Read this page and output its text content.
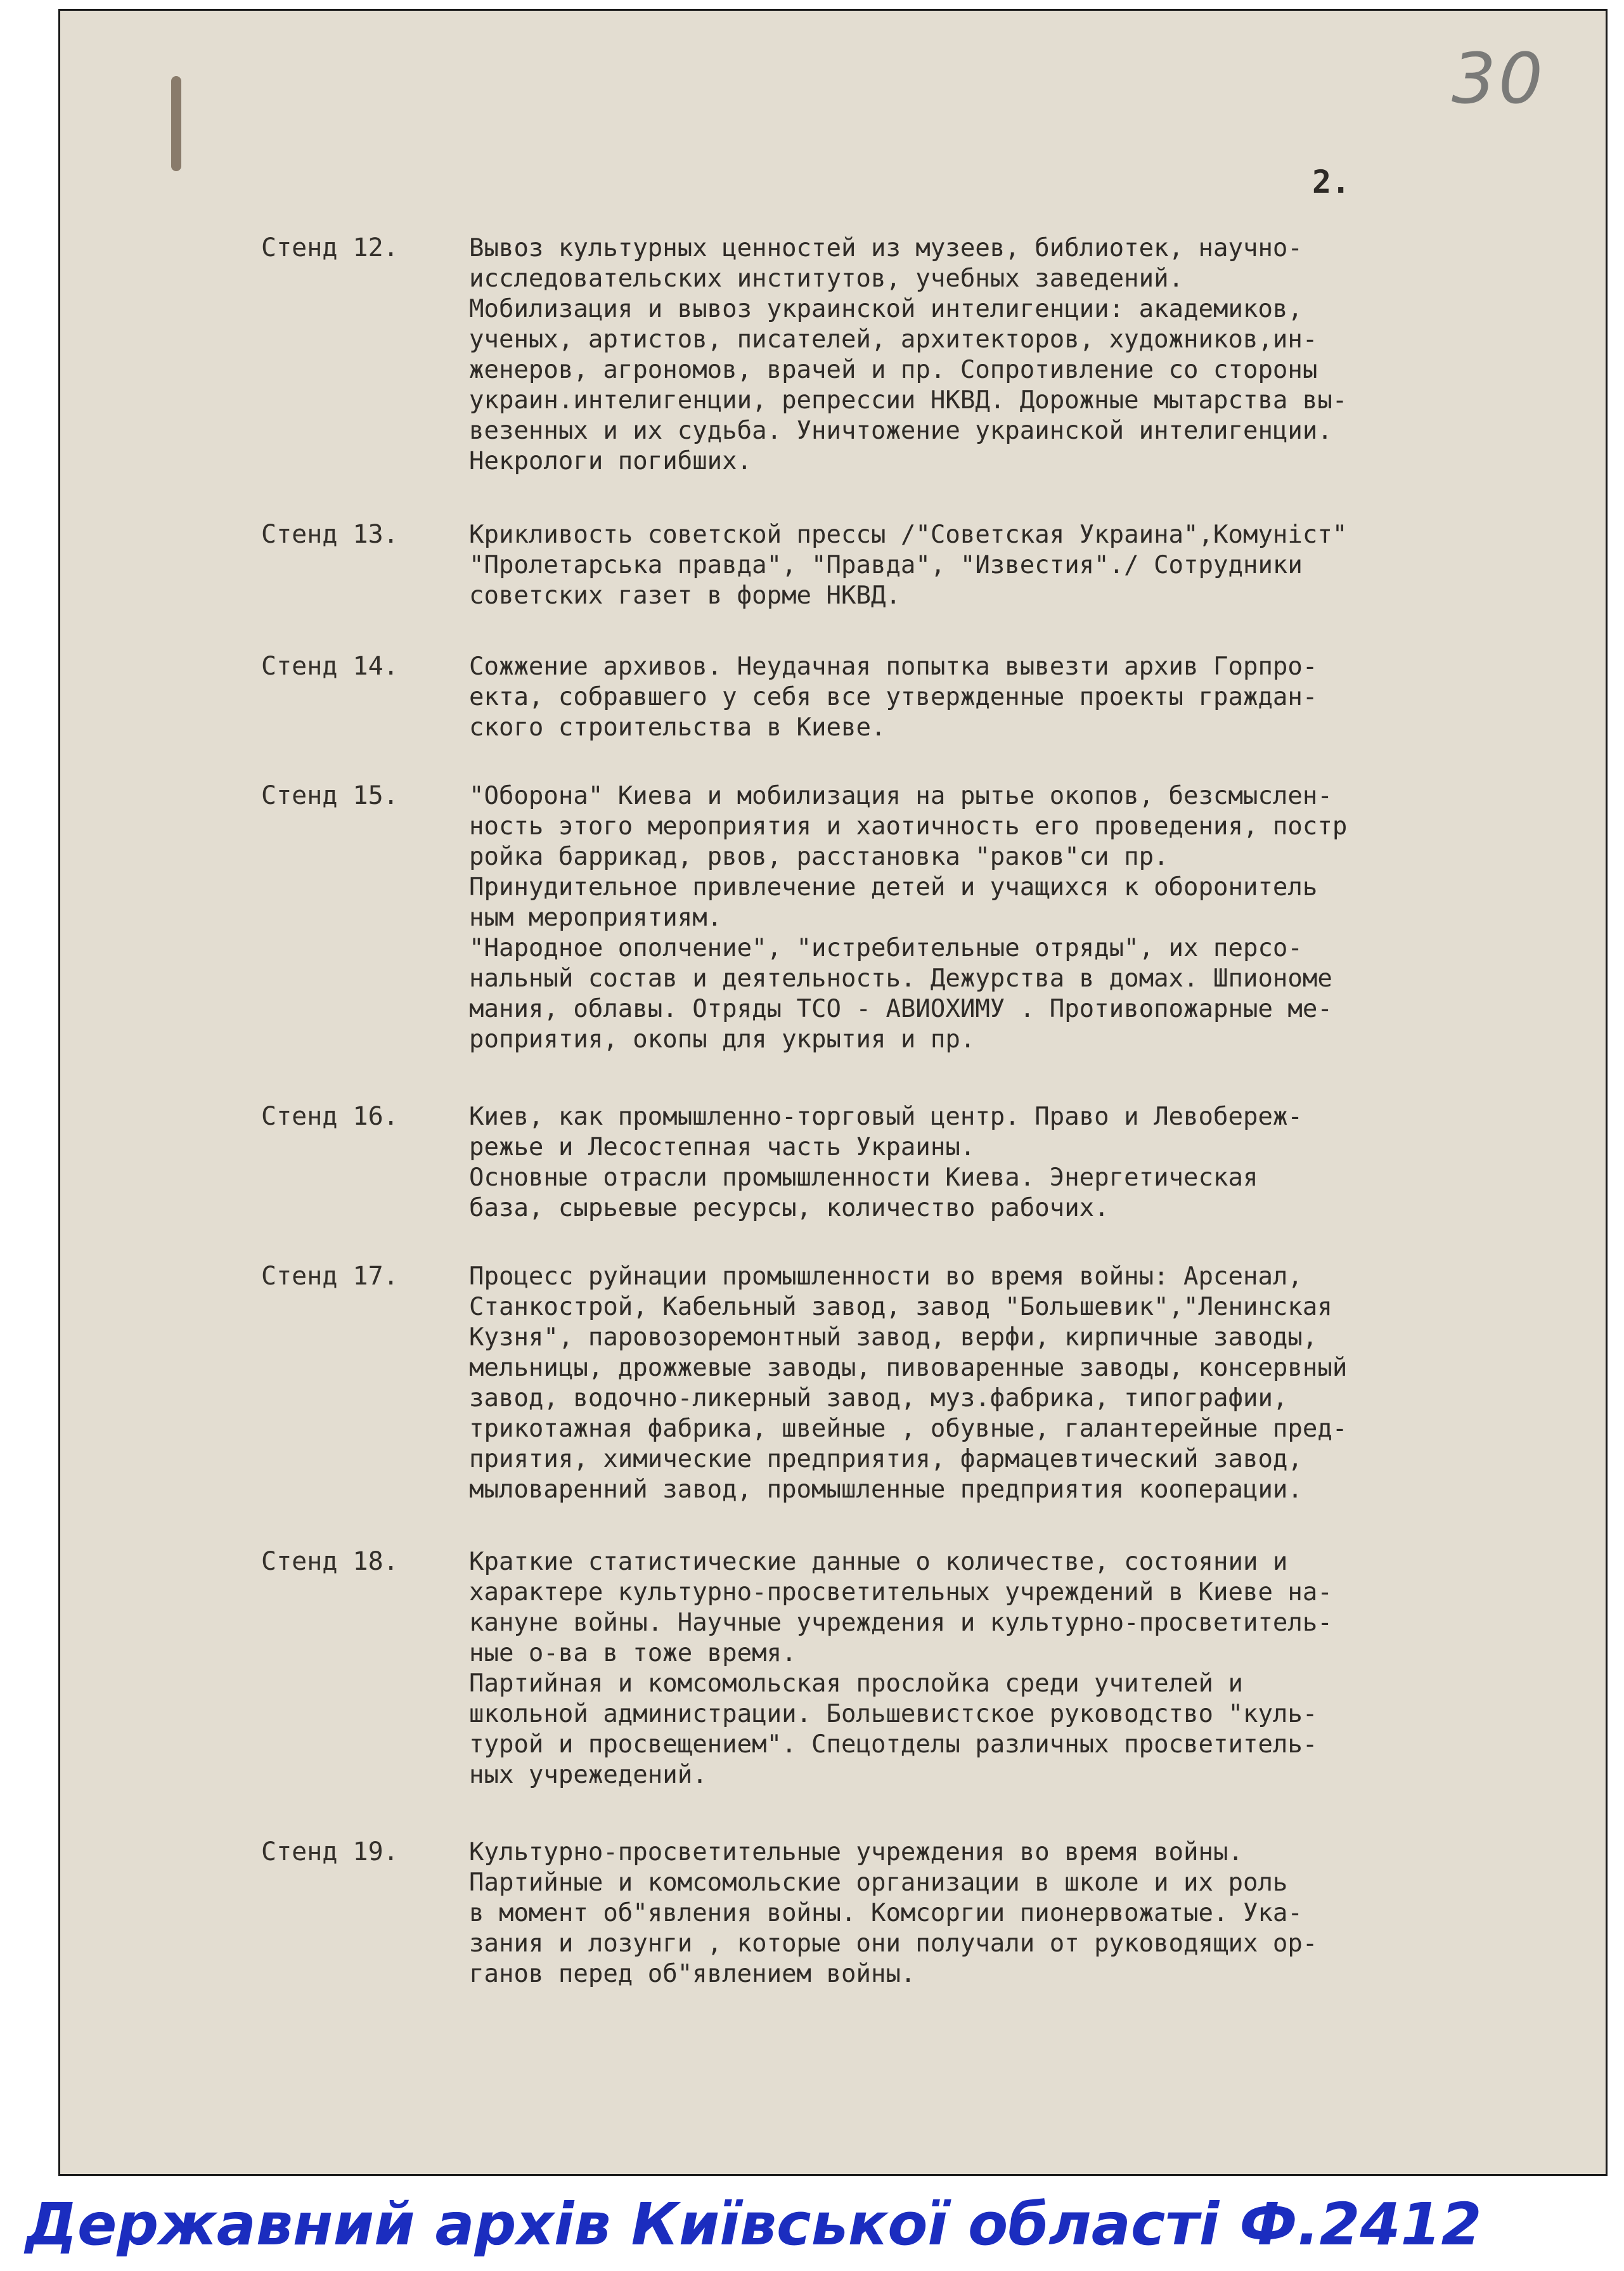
30
2.
Стенд 12.	Вывоз культурных ценностей из музеев, библиотек, научно-
исследовательских институтов, учебных заведений.
Мобилизация и вывоз украинской интелигенции: академиков,
ученых, артистов, писателей, архитекторов, художников,ин-
женеров, агрономов, врачей и пр. Сопротивление со стороны
украин.интелигенции, репрессии НКВД. Дорожные мытарства вы-
везенных и их судьба. Уничтожение украинской интелигенции.
Некрологи погибших.
Стенд 13.	Крикливость советской прессы /"Советская Украина",Комуніст"
"Пролетарська правда", "Правда", "Известия"./ Сотрудники
советских газет в форме НКВД.
Стенд 14.	Сожжение архивов. Неудачная попытка вывезти архив Горпро-
екта, собравшего у себя все утвержденные проекты граждан-
ского строительства в Киеве.
Стенд 15.	"Оборона" Киева и мобилизация на рытье окопов, безсмыслен-
ность этого мероприятия и хаотичность его проведения, постр
ройка баррикад, рвов, расстановка "раков"си пр.
Принудительное привлечение детей и учащихся к оборонитель
ным мероприятиям.
"Народное ополчение", "истребительные отряды", их персо-
нальный состав и деятельность. Дежурства в домах. Шпиономе
мания, облавы. Отряды ТСО - АВИОХИМУ . Противопожарные ме-
роприятия, окопы для укрытия и пр.
Стенд 16.	Киев, как промышленно-торговый центр. Право и Левобереж-
режье и Лесостепная часть Украины.
Основные отрасли промышленности Киева. Энергетическая
база, сырьевые ресурсы, количество рабочих.
Стенд 17.	Процесс руйнации промышленности во время войны: Арсенал,
Станкострой, Кабельный завод, завод "Большевик","Ленинская
Кузня", паровозоремонтный завод, верфи, кирпичные заводы,
мельницы, дрожжевые заводы, пивоваренные заводы, консервный
завод, водочно-ликерный завод, муз.фабрика, типографии,
трикотажная фабрика, швейные , обувные, галантерейные пред-
приятия, химические предприятия, фармацевтический завод,
мыловаренний завод, промышленные предприятия кооперации.
Стенд 18.	Краткие статистические данные о количестве, состоянии и
характере культурно-просветительных учреждений в Киеве на-
кануне войны. Научные учреждения и культурно-просветитель-
ные о-ва в тоже время.
Партийная и комсомольская прослойка среди учителей и
школьной администрации. Большевистское руководство "куль-
турой и просвещением". Спецотделы различных просветитель-
ных учрежедений.
Стенд 19.	Культурно-просветительные учреждения во время войны.
Партийные и комсомольские организации в школе и их роль
в момент об"явления войны. Комсоргии пионервожатые. Ука-
зания и лозунги , которые они получали от руководящих ор-
ганов перед об"явлением войны.
Державний архів Київської області Ф.2412
